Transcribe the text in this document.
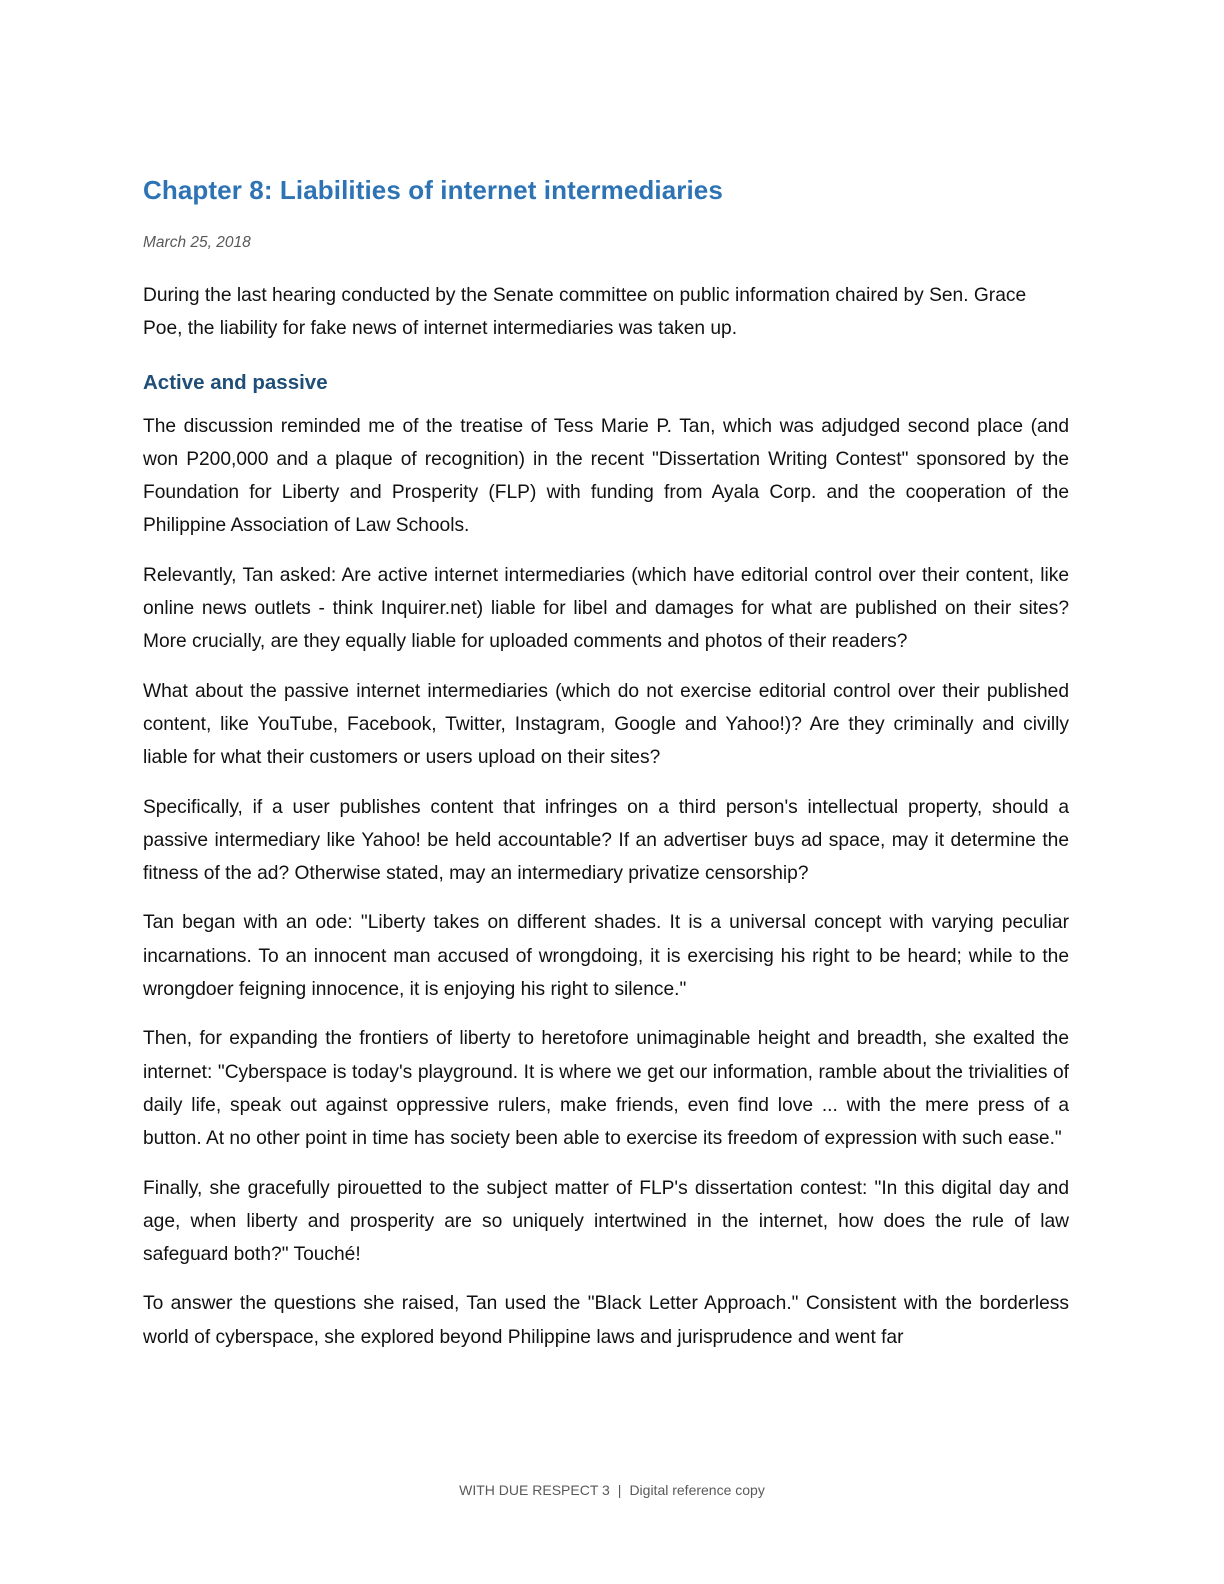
Chapter 8: Liabilities of internet intermediaries

March 25, 2018

During the last hearing conducted by the Senate committee on public information chaired by Sen. Grace Poe, the liability for fake news of internet intermediaries was taken up.

Active and passive

The discussion reminded me of the treatise of Tess Marie P. Tan, which was adjudged second place (and won P200,000 and a plaque of recognition) in the recent "Dissertation Writing Contest" sponsored by the Foundation for Liberty and Prosperity (FLP) with funding from Ayala Corp. and the cooperation of the Philippine Association of Law Schools.

Relevantly, Tan asked: Are active internet intermediaries (which have editorial control over their content, like online news outlets - think Inquirer.net) liable for libel and damages for what are published on their sites? More crucially, are they equally liable for uploaded comments and photos of their readers?

What about the passive internet intermediaries (which do not exercise editorial control over their published content, like YouTube, Facebook, Twitter, Instagram, Google and Yahoo!)? Are they criminally and civilly liable for what their customers or users upload on their sites?

Specifically, if a user publishes content that infringes on a third person's intellectual property, should a passive intermediary like Yahoo! be held accountable? If an advertiser buys ad space, may it determine the fitness of the ad? Otherwise stated, may an intermediary privatize censorship?

Tan began with an ode: "Liberty takes on different shades. It is a universal concept with varying peculiar incarnations. To an innocent man accused of wrongdoing, it is exercising his right to be heard; while to the wrongdoer feigning innocence, it is enjoying his right to silence."

Then, for expanding the frontiers of liberty to heretofore unimaginable height and breadth, she exalted the internet: "Cyberspace is today's playground. It is where we get our information, ramble about the trivialities of daily life, speak out against oppressive rulers, make friends, even find love ... with the mere press of a button. At no other point in time has society been able to exercise its freedom of expression with such ease."

Finally, she gracefully pirouetted to the subject matter of FLP's dissertation contest: "In this digital day and age, when liberty and prosperity are so uniquely intertwined in the internet, how does the rule of law safeguard both?" Touché!

To answer the questions she raised, Tan used the "Black Letter Approach." Consistent with the borderless world of cyberspace, she explored beyond Philippine laws and jurisprudence and went far

WITH DUE RESPECT 3 | Digital reference copy
